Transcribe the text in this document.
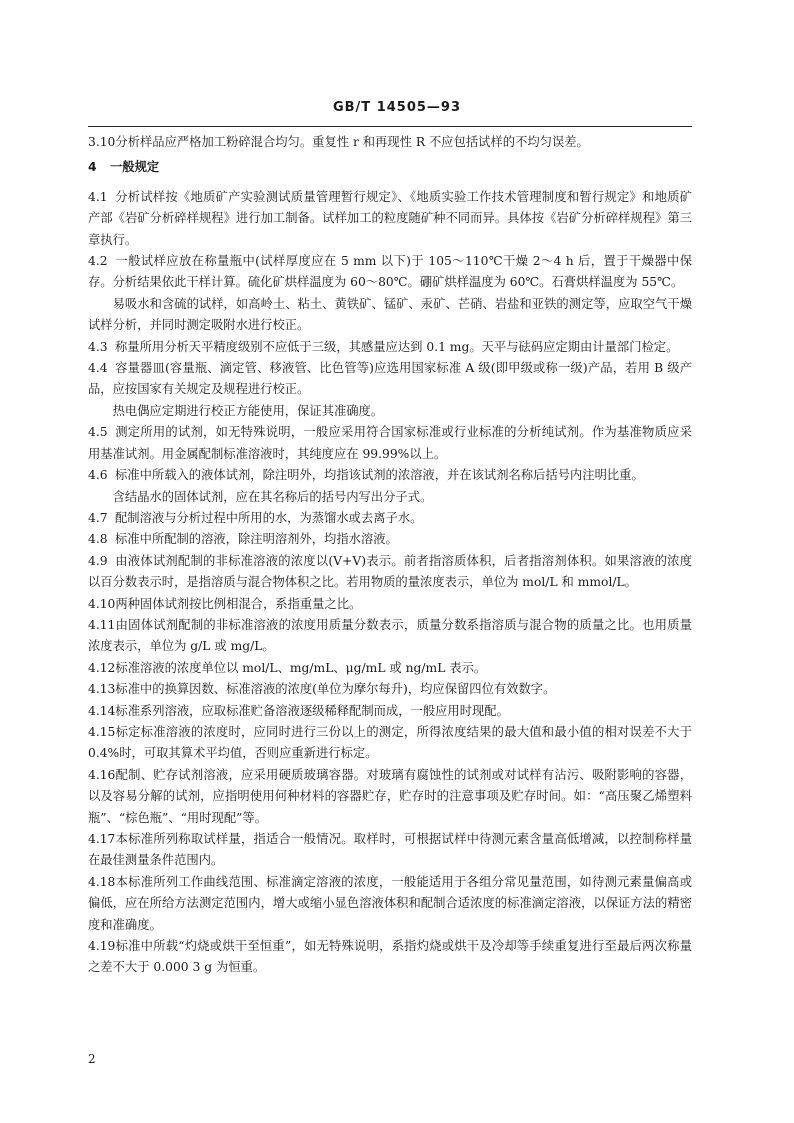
GB/T 14505—93

3.10分析样品应严格加工粉碎混合均匀。重复性 r 和再现性 R 不应包括试样的不均匀误差。

4 一般规定

4.1 分析试样按《地质矿产实验测试质量管理暂行规定》、《地质实验工作技术管理制度和暂行规定》和地质矿产部《岩矿分析碎样规程》进行加工制备。试样加工的粒度随矿种不同而异。具体按《岩矿分析碎样规程》第三章执行。

4.2 一般试样应放在称量瓶中(试样厚度应在 5 mm 以下)于 105～110℃干燥 2～4 h 后，置于干燥器中保存。分析结果依此干样计算。硫化矿烘样温度为 60～80℃。硼矿烘样温度为 60℃。石膏烘样温度为 55℃。

易吸水和含硫的试样，如高岭土、粘土、黄铁矿、锰矿、汞矿、芒硝、岩盐和亚铁的测定等，应取空气干燥试样分析，并同时测定吸附水进行校正。

4.3 称量所用分析天平精度级别不应低于三级，其感量应达到 0.1 mg。天平与砝码应定期由计量部门检定。

4.4 容量器皿(容量瓶、滴定管、移液管、比色管等)应选用国家标准 A 级(即甲级或称一级)产品，若用 B 级产品，应按国家有关规定及规程进行校正。

热电偶应定期进行校正方能使用，保证其准确度。

4.5 测定所用的试剂，如无特殊说明，一般应采用符合国家标准或行业标准的分析纯试剂。作为基准物质应采用基准试剂。用金属配制标准溶液时，其纯度应在 99.99%以上。

4.6 标准中所载入的液体试剂，除注明外，均指该试剂的浓溶液，并在该试剂名称后括号内注明比重。

含结晶水的固体试剂，应在其名称后的括号内写出分子式。

4.7 配制溶液与分析过程中所用的水，为蒸馏水或去离子水。

4.8 标准中所配制的溶液，除注明溶剂外，均指水溶液。

4.9 由液体试剂配制的非标准溶液的浓度以(V+V)表示。前者指溶质体积，后者指溶剂体积。如果溶液的浓度以百分数表示时，是指溶质与混合物体积之比。若用物质的量浓度表示，单位为 mol/L 和 mmol/L。

4.10两种固体试剂按比例相混合，系指重量之比。

4.11由固体试剂配制的非标准溶液的浓度用质量分数表示，质量分数系指溶质与混合物的质量之比。也用质量浓度表示，单位为 g/L 或 mg/L。

4.12标准溶液的浓度单位以 mol/L、mg/mL、μg/mL 或 ng/mL 表示。

4.13标准中的换算因数、标准溶液的浓度(单位为摩尔每升)，均应保留四位有效数字。

4.14标准系列溶液，应取标准贮备溶液逐级稀释配制而成，一般应用时现配。

4.15标定标准溶液的浓度时，应同时进行三份以上的测定，所得浓度结果的最大值和最小值的相对误差不大于 0.4%时，可取其算术平均值，否则应重新进行标定。

4.16配制、贮存试剂溶液，应采用硬质玻璃容器。对玻璃有腐蚀性的试剂或对试样有沾污、吸附影响的容器，以及容易分解的试剂，应指明使用何种材料的容器贮存，贮存时的注意事项及贮存时间。如：“高压聚乙烯塑料瓶”、“棕色瓶”、“用时现配”等。

4.17本标准所列称取试样量，指适合一般情况。取样时，可根据试样中待测元素含量高低增减，以控制称样量在最佳测量条件范围内。

4.18本标准所列工作曲线范围、标准滴定溶液的浓度，一般能适用于各组分常见量范围，如待测元素量偏高或偏低，应在所给方法测定范围内，增大或缩小显色溶液体积和配制合适浓度的标准滴定溶液，以保证方法的精密度和准确度。

4.19标准中所载“灼烧或烘干至恒重”，如无特殊说明，系指灼烧或烘干及冷却等手续重复进行至最后两次称量之差不大于 0.000 3 g 为恒重。

2
